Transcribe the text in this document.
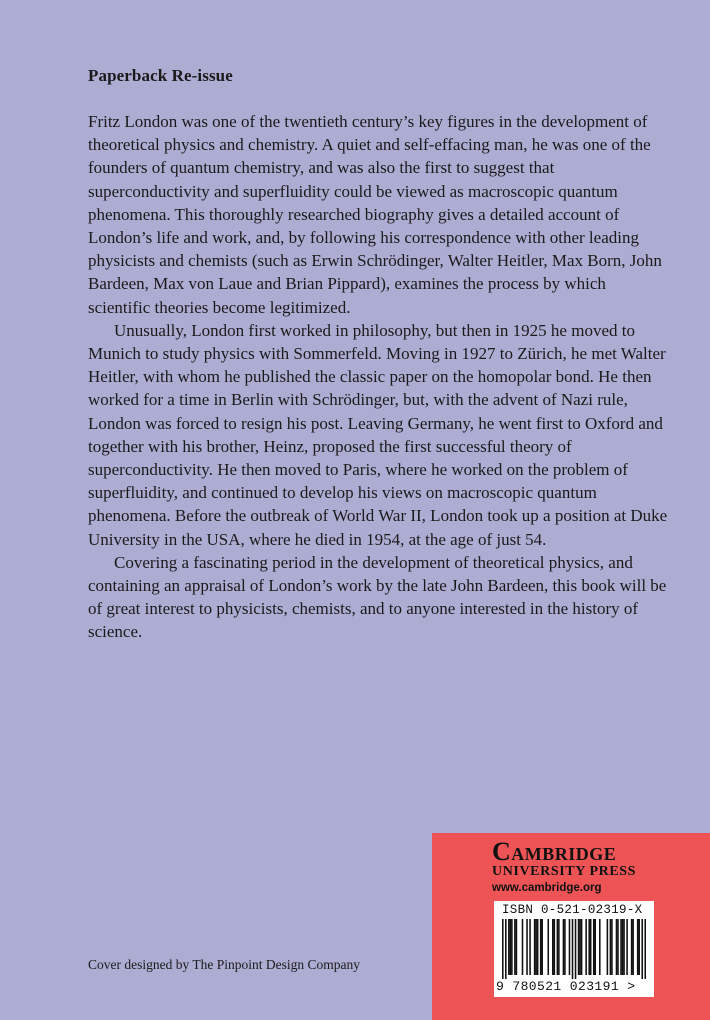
Paperback Re-issue

Fritz London was one of the twentieth century’s key figures in the development of theoretical physics and chemistry. A quiet and self-effacing man, he was one of the founders of quantum chemistry, and was also the first to suggest that superconductivity and superfluidity could be viewed as macroscopic quantum phenomena. This thoroughly researched biography gives a detailed account of London’s life and work, and, by following his correspondence with other leading physicists and chemists (such as Erwin Schrödinger, Walter Heitler, Max Born, John Bardeen, Max von Laue and Brian Pippard), examines the process by which scientific theories become legitimized.

Unusually, London first worked in philosophy, but then in 1925 he moved to Munich to study physics with Sommerfeld. Moving in 1927 to Zürich, he met Walter Heitler, with whom he published the classic paper on the homopolar bond. He then worked for a time in Berlin with Schrödinger, but, with the advent of Nazi rule, London was forced to resign his post. Leaving Germany, he went first to Oxford and together with his brother, Heinz, proposed the first successful theory of superconductivity. He then moved to Paris, where he worked on the problem of superfluidity, and continued to develop his views on macroscopic quantum phenomena. Before the outbreak of World War II, London took up a position at Duke University in the USA, where he died in 1954, at the age of just 54.

Covering a fascinating period in the development of theoretical physics, and containing an appraisal of London’s work by the late John Bardeen, this book will be of great interest to physicists, chemists, and to anyone interested in the history of science.

Cover designed by The Pinpoint Design Company
Cambridge
UNIVERSITY PRESS
www.cambridge.org
ISBN 0-521-02319-X
9 780521 023191 >
